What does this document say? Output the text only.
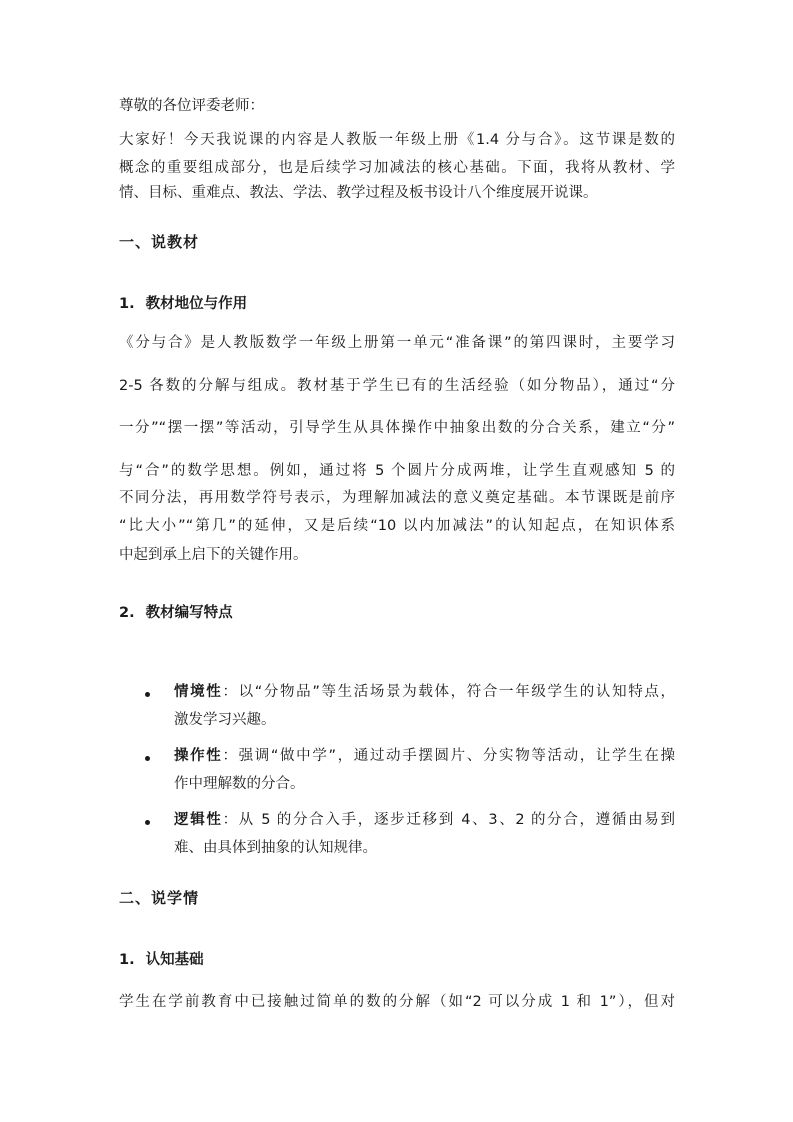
尊敬的各位评委老师：
大家好！今天我说课的内容是人教版一年级上册《1.4 分与合》。这节课是数的
概念的重要组成部分，也是后续学习加减法的核心基础。下面，我将从教材、学
情、目标、重难点、教法、学法、教学过程及板书设计八个维度展开说课。
一、说教材
1. 教材地位与作用
《分与合》是人教版数学一年级上册第一单元“准备课”的第四课时，主要学习
2-5 各数的分解与组成。教材基于学生已有的生活经验（如分物品），通过“分
一分”“摆一摆”等活动，引导学生从具体操作中抽象出数的分合关系，建立“分”
与“合”的数学思想。例如，通过将 5 个圆片分成两堆，让学生直观感知 5 的
不同分法，再用数学符号表示，为理解加减法的意义奠定基础。本节课既是前序
“比大小”“第几”的延伸，又是后续“10 以内加减法”的认知起点，在知识体系
中起到承上启下的关键作用。
2. 教材编写特点
情境性：以“分物品”等生活场景为载体，符合一年级学生的认知特点，
激发学习兴趣。
操作性：强调“做中学”，通过动手摆圆片、分实物等活动，让学生在操
作中理解数的分合。
逻辑性：从 5 的分合入手，逐步迁移到 4、3、2 的分合，遵循由易到
难、由具体到抽象的认知规律。
二、说学情
1. 认知基础
学生在学前教育中已接触过简单的数的分解（如“2 可以分成 1 和 1”），但对
